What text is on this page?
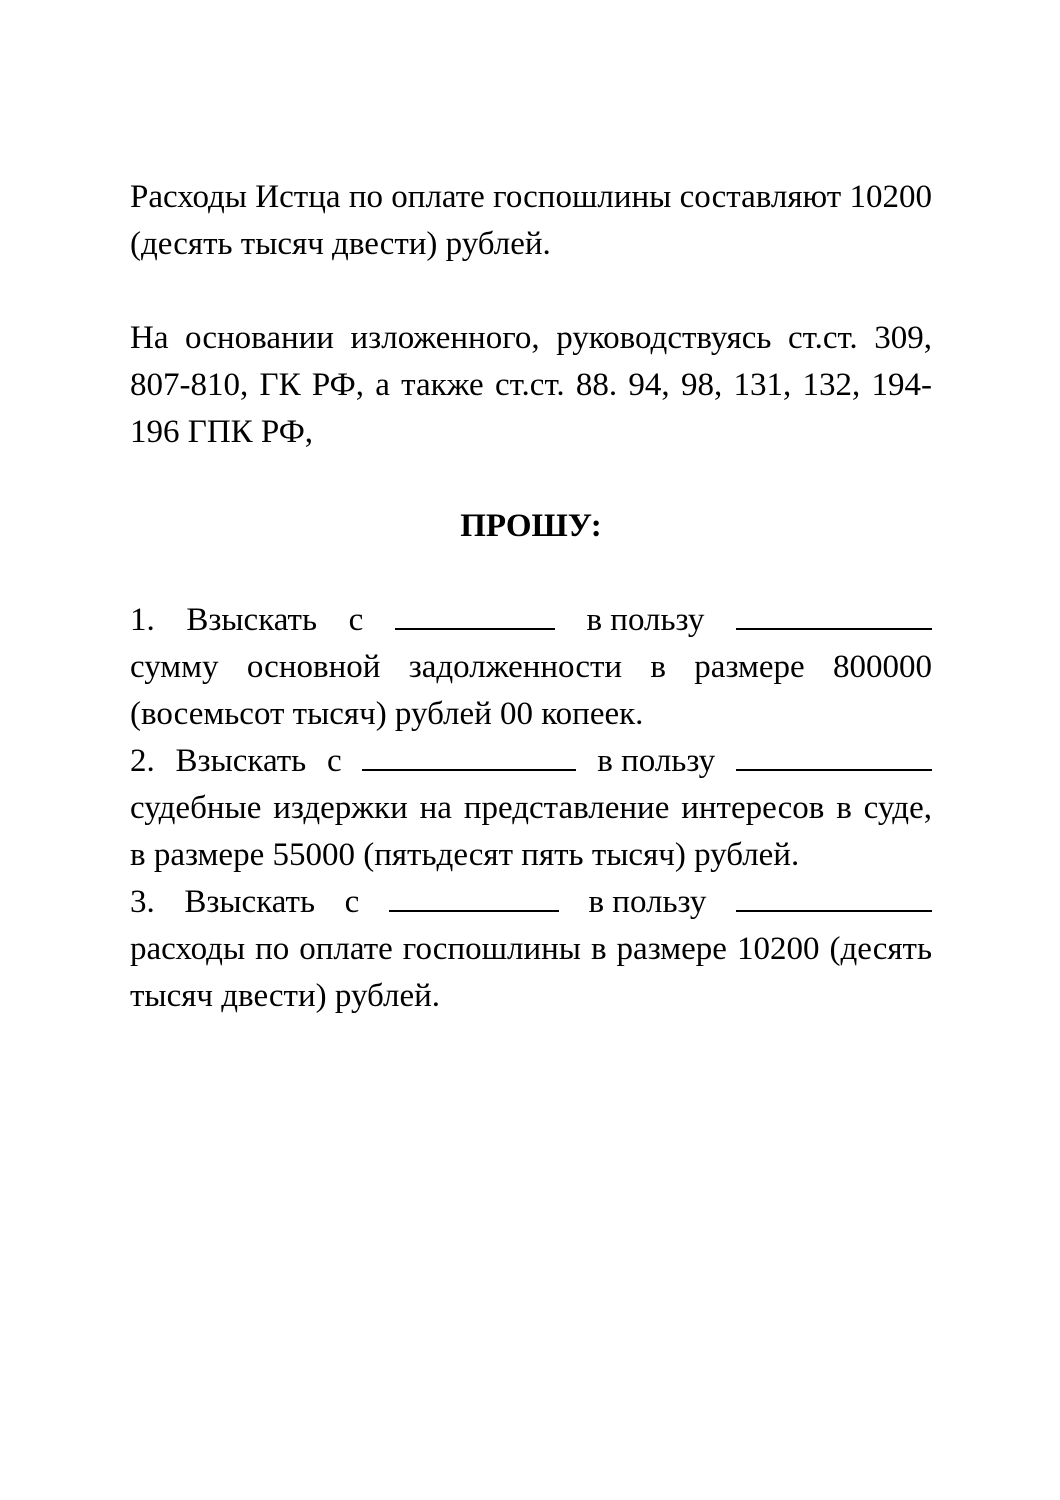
Расходы Истца по оплате госпошлины составляют 10200 (десять тысяч двести) рублей.

На основании изложенного, руководствуясь ст.ст. 309, 807-810, ГК РФ, а также ст.ст. 88. 94, 98, 131, 132, 194-196 ГПК РФ,

ПРОШУ:

1. Взыскать с	в пользу

сумму основной задолженности в размере 800000 (восемьсот тысяч) рублей 00 копеек.

2. Взыскать с	в пользу

судебные издержки на представление интересов в суде, в размере 55000 (пятьдесят пять тысяч) рублей.

3. Взыскать с	в пользу

расходы по оплате госпошлины в размере 10200 (десять тысяч двести) рублей.
